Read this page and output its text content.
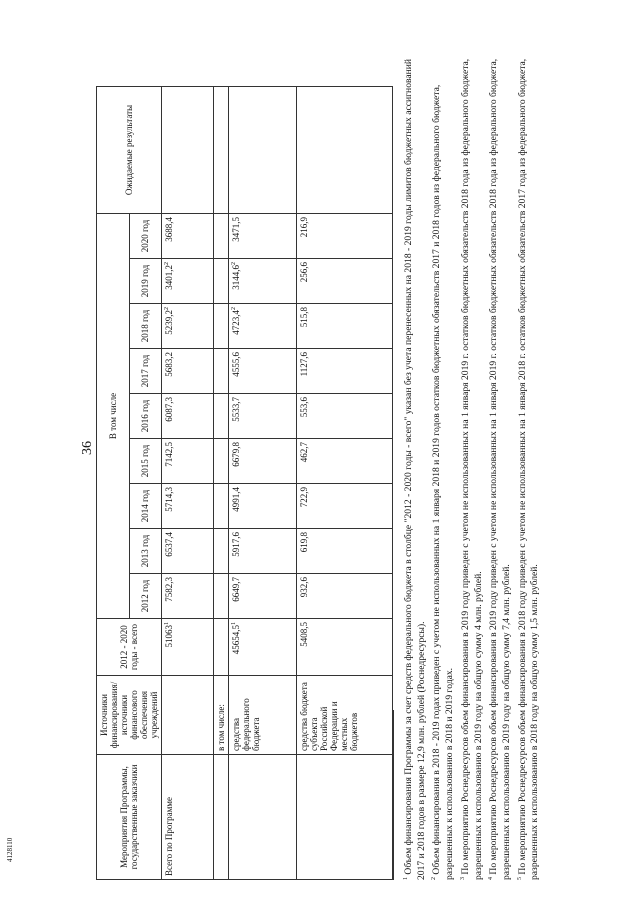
36
4128110	Мероприятия Программы, государственные заказчики	Источники финансирования/ источники финансового обеспечения учреждений	2012 - 2020 годы - всего	В том числе									Ожидаемые результаты
			2012 год	2013 год	2014 год	2015 год	2016 год	2017 год	2018 год	2019 год	2020 год	
Всего по Программе		51063$^1$	7582,3	6537,4	5714,3	7142,5	6087,3	5683,2	5239,2$^2$	3401,2$^2$	3688,4	
	в том числе:											
	средства федерального бюджета	45654,5$^1$	6649,7	5917,6	4991,4	6679,8	5533,7	4555,6	4723,4$^2$	3144,6$^2$	3471,5	
	средства бюджета субъекта Российской Федерации и местных бюджетов	5408,5	932,6	619,8	722,9	462,7	553,6	1127,6	515,8	256,6	216,9	

$^1$ Объем финансирования Программы за счет средств федерального бюджета в столбце "2012 - 2020 годы - всего" указан без учета перенесенных на 2018 - 2019 годы лимитов бюджетных ассигнований 2017 и 2018 годов в размере 12,9 млн. рублей (Роснедресурсы). $^2$ Объем финансирования в 2018 - 2019 годах приведен с учетом не использованных на 1 января 2018 и 2019 годов остатков бюджетных обязательств 2017 и 2018 годов из федерального бюджета, разрешенных к использованию в 2018 и 2019 годах. $^3$ По мероприятию Роснедресурсов объем финансирования в 2019 году приведен с учетом не использованных на 1 января 2019 г. остатков бюджетных обязательств 2018 года из федерального бюджета, разрешенных к использованию в 2019 году на общую сумму 4 млн. рублей. $^4$ По мероприятию Роснедресурсов объем финансирования в 2019 году приведен с учетом не использованных на 1 января 2019 г. остатков бюджетных обязательств 2018 года из федерального бюджета, разрешенных к использованию в 2019 году на общую сумму 7,4 млн. рублей. $^5$ По мероприятию Роснедресурсов объем финансирования в 2018 году приведен с учетом не использованных на 1 января 2018 г. остатков бюджетных обязательств 2017 года из федерального бюджета, разрешенных к использованию в 2018 году на общую сумму 1,5 млн. рублей.
